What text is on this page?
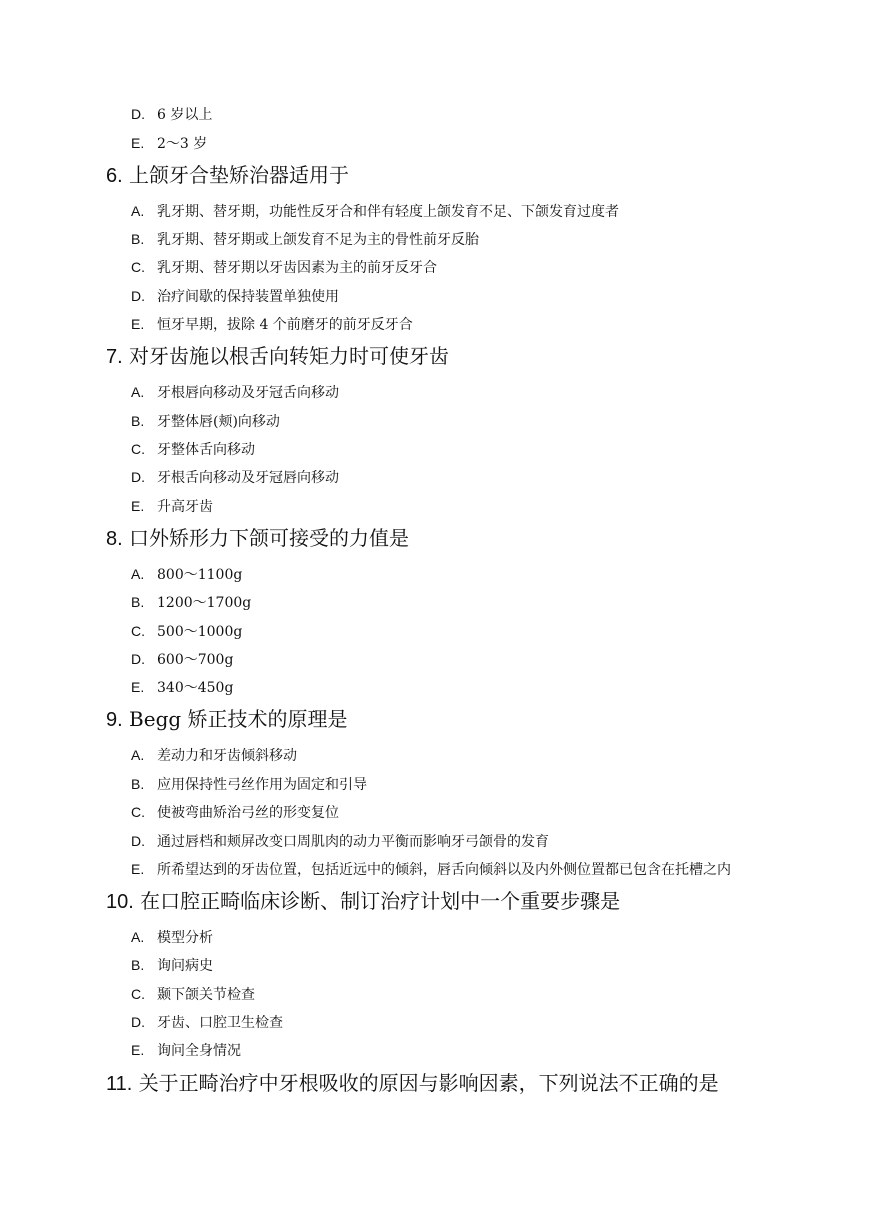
D. 6 岁以上
E. 2～3 岁
6. 上颌牙合垫矫治器适用于
A. 乳牙期、替牙期，功能性反牙合和伴有轻度上颌发育不足、下颌发育过度者
B. 乳牙期、替牙期或上颌发育不足为主的骨性前牙反胎
C. 乳牙期、替牙期以牙齿因素为主的前牙反牙合
D. 治疗间歇的保持装置单独使用
E. 恒牙早期，拔除 4 个前磨牙的前牙反牙合
7. 对牙齿施以根舌向转矩力时可使牙齿
A. 牙根唇向移动及牙冠舌向移动
B. 牙整体唇(颊)向移动
C. 牙整体舌向移动
D. 牙根舌向移动及牙冠唇向移动
E. 升高牙齿
8. 口外矫形力下颌可接受的力值是
A. 800～1100g
B. 1200～1700g
C. 500～1000g
D. 600～700g
E. 340～450g
9. Begg 矫正技术的原理是
A. 差动力和牙齿倾斜移动
B. 应用保持性弓丝作用为固定和引导
C. 使被弯曲矫治弓丝的形变复位
D. 通过唇档和颊屏改变口周肌肉的动力平衡而影响牙弓颌骨的发育
E. 所希望达到的牙齿位置，包括近远中的倾斜，唇舌向倾斜以及内外侧位置都已包含在托槽之内
10. 在口腔正畸临床诊断、制订治疗计划中一个重要步骤是
A. 模型分析
B. 询问病史
C. 颞下颌关节检查
D. 牙齿、口腔卫生检查
E. 询问全身情况
11. 关于正畸治疗中牙根吸收的原因与影响因素，下列说法不正确的是
